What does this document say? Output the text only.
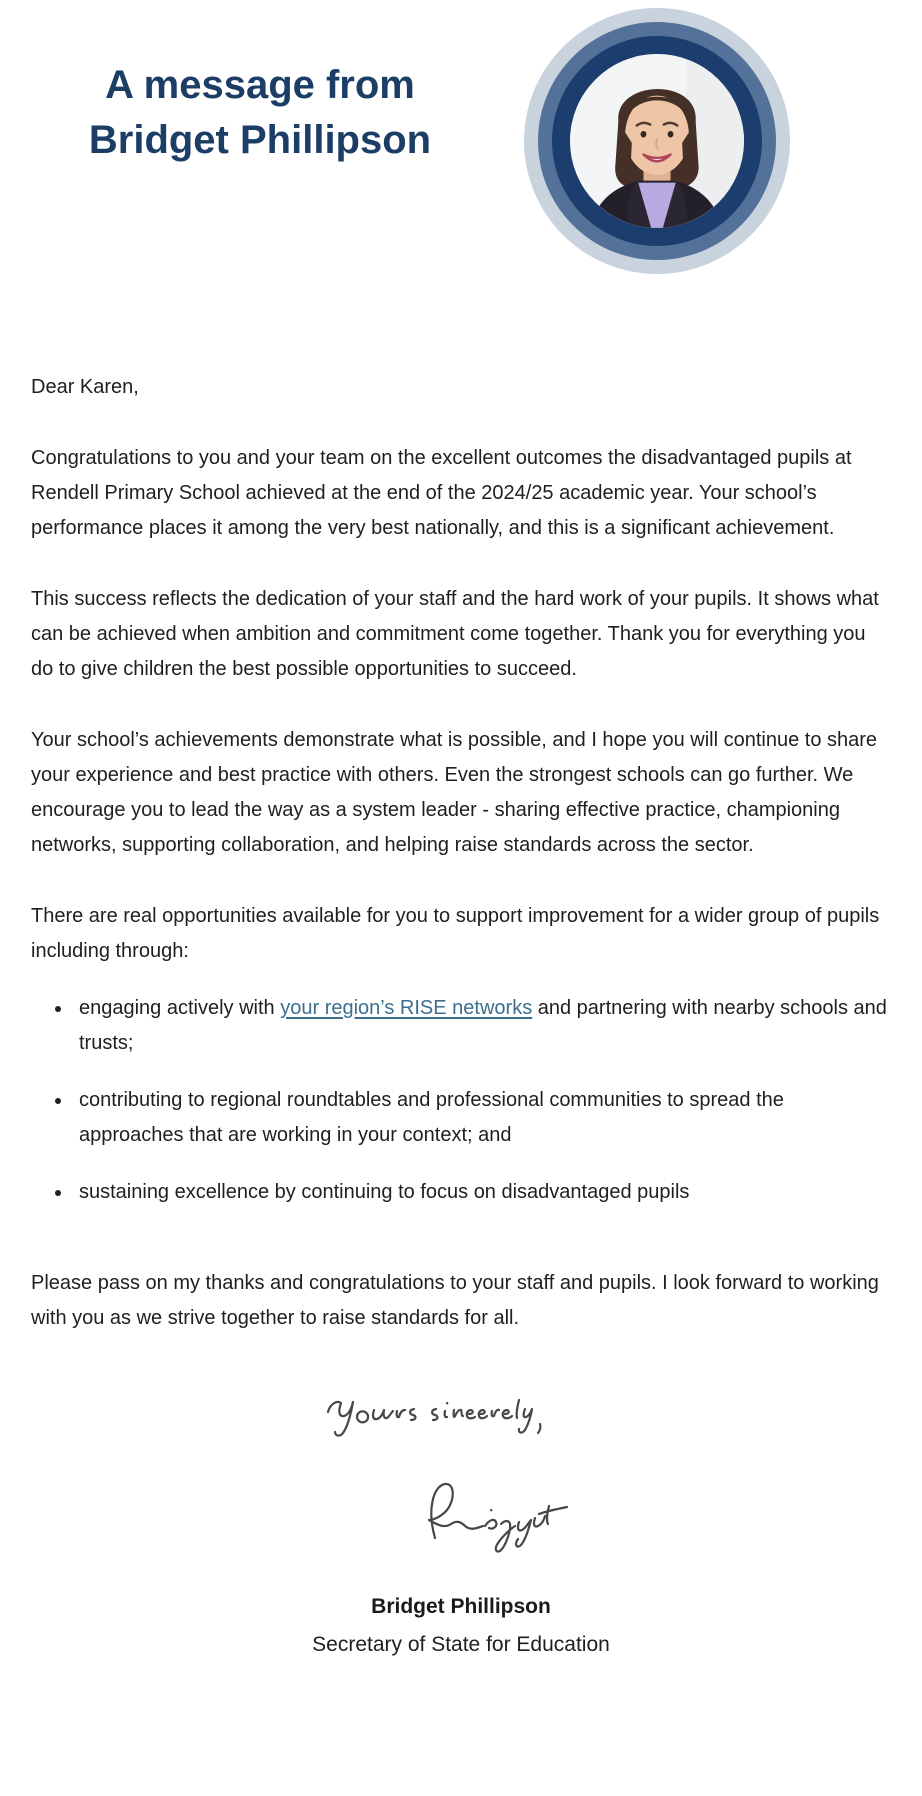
A message from
Bridget Phillipson

Dear Karen,

Congratulations to you and your team on the excellent outcomes the disadvantaged pupils at Rendell Primary School achieved at the end of the 2024/25 academic year. Your school’s performance places it among the very best nationally, and this is a significant achievement.

This success reflects the dedication of your staff and the hard work of your pupils. It shows what can be achieved when ambition and commitment come together. Thank you for everything you do to give children the best possible opportunities to succeed.

Your school’s achievements demonstrate what is possible, and I hope you will continue to share your experience and best practice with others. Even the strongest schools can go further. We encourage you to lead the way as a system leader - sharing effective practice, championing networks, supporting collaboration, and helping raise standards across the sector.

There are real opportunities available for you to support improvement for a wider group of pupils including through:

• engaging actively with your region’s RISE networks and partnering with nearby schools and trusts;
• contributing to regional roundtables and professional communities to spread the approaches that are working in your context; and
• sustaining excellence by continuing to focus on disadvantaged pupils

Please pass on my thanks and congratulations to your staff and pupils. I look forward to working with you as we strive together to raise standards for all.

Bridget Phillipson
Secretary of State for Education
